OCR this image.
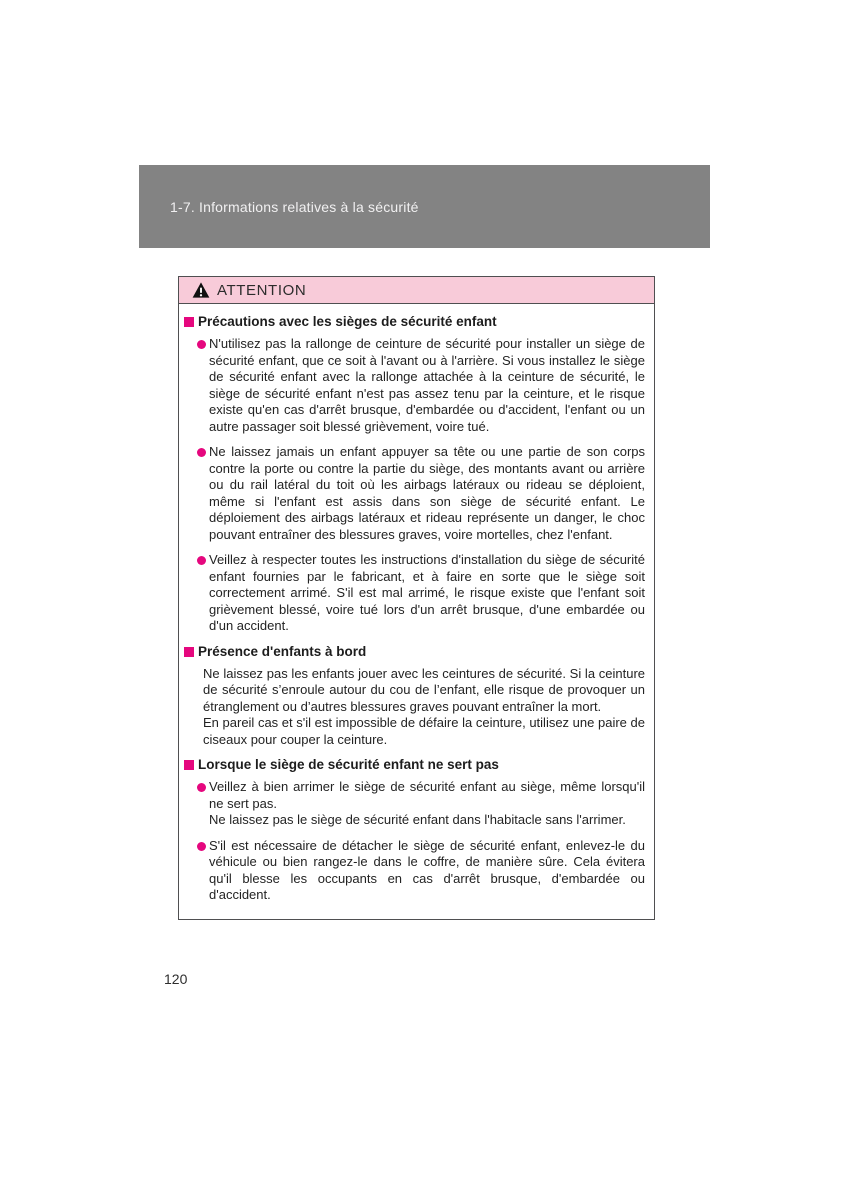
1-7. Informations relatives à la sécurité
ATTENTION
Précautions avec les sièges de sécurité enfant
N'utilisez pas la rallonge de ceinture de sécurité pour installer un siège de sécurité enfant, que ce soit à l'avant ou à l'arrière. Si vous installez le siège de sécurité enfant avec la rallonge attachée à la ceinture de sécurité, le siège de sécurité enfant n'est pas assez tenu par la ceinture, et le risque existe qu'en cas d'arrêt brusque, d'embardée ou d'accident, l'enfant ou un autre passager soit blessé grièvement, voire tué.
Ne laissez jamais un enfant appuyer sa tête ou une partie de son corps contre la porte ou contre la partie du siège, des montants avant ou arrière ou du rail latéral du toit où les airbags latéraux ou rideau se déploient, même si l'enfant est assis dans son siège de sécurité enfant. Le déploiement des airbags latéraux et rideau représente un danger, le choc pouvant entraîner des blessures graves, voire mortelles, chez l'enfant.
Veillez à respecter toutes les instructions d'installation du siège de sécurité enfant fournies par le fabricant, et à faire en sorte que le siège soit correctement arrimé. S'il est mal arrimé, le risque existe que l'enfant soit grièvement blessé, voire tué lors d'un arrêt brusque, d'une embardée ou d'un accident.
Présence d'enfants à bord
Ne laissez pas les enfants jouer avec les ceintures de sécurité. Si la ceinture de sécurité s’enroule autour du cou de l’enfant, elle risque de provoquer un étranglement ou d’autres blessures graves pouvant entraîner la mort.
En pareil cas et s'il est impossible de défaire la ceinture, utilisez une paire de ciseaux pour couper la ceinture.
Lorsque le siège de sécurité enfant ne sert pas
Veillez à bien arrimer le siège de sécurité enfant au siège, même lorsqu'il ne sert pas.
Ne laissez pas le siège de sécurité enfant dans l'habitacle sans l'arrimer.
S'il est nécessaire de détacher le siège de sécurité enfant, enlevez-le du véhicule ou bien rangez-le dans le coffre, de manière sûre. Cela évitera qu'il blesse les occupants en cas d'arrêt brusque, d'embardée ou d'accident.
120
